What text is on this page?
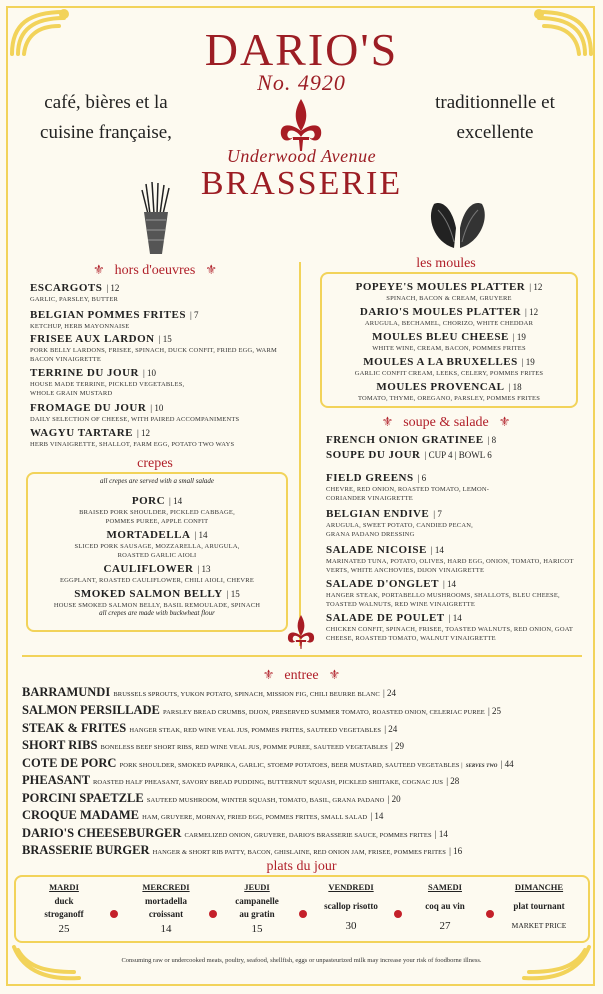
DARIO'S
No. 4920
Underwood Avenue
BRASSERIE
café, bières et la
cuisine française,
traditionnelle et
excellente
⚜ hors d'oeuvres ⚜
ESCARGOTS | 12
GARLIC, PARSLEY, BUTTER
BELGIAN POMMES FRITES | 7
KETCHUP, HERB MAYONNAISE
FRISEE AUX LARDON | 15
PORK BELLY LARDONS, FRISEE, SPINACH, DUCK CONFIT, FRIED EGG, WARM BACON VINAIGRETTE
TERRINE DU JOUR | 10
HOUSE MADE TERRINE, PICKLED VEGETABLES, WHOLE GRAIN MUSTARD
FROMAGE DU JOUR | 10
DAILY SELECTION OF CHEESE, WITH PAIRED ACCOMPANIMENTS
WAGYU TARTARE | 12
HERB VINAIGRETTE, SHALLOT, FARM EGG, POTATO TWO WAYS
crepes
all crepes are served with a small salade
PORC | 14
BRAISED PORK SHOULDER, PICKLED CABBAGE, POMMES PUREE, APPLE CONFIT
MORTADELLA | 14
SLICED PORK SAUSAGE, MOZZARELLA, ARUGULA, ROASTED GARLIC AIOLI
CAULIFLOWER | 13
EGGPLANT, ROASTED CAULIFLOWER, CHILI AIOLI, CHEVRE
SMOKED SALMON BELLY | 15
HOUSE SMOKED SALMON BELLY, BASIL REMOULADE, SPINACH
all crepes are made with buckwheat flour
les moules
POPEYE'S MOULES PLATTER | 12
SPINACH, BACON & CREAM, GRUYERE
DARIO'S MOULES PLATTER | 12
ARUGULA, BECHAMEL, CHORIZO, WHITE CHEDDAR
MOULES BLEU CHEESE | 19
WHITE WINE, CREAM, BACON, POMMES FRITES
MOULES A LA BRUXELLES | 19
GARLIC CONFIT CREAM, LEEKS, CELERY, POMMES FRITES
MOULES PROVENCAL | 18
TOMATO, THYME, OREGANO, PARSLEY, POMMES FRITES
⚜ soupe & salade ⚜
FRENCH ONION GRATINEE | 8
SOUPE DU JOUR | CUP 4 | BOWL 6
FIELD GREENS | 6
CHEVRE, RED ONION, ROASTED TOMATO, LEMON-CORIANDER VINAIGRETTE
BELGIAN ENDIVE | 7
ARUGULA, SWEET POTATO, CANDIED PECAN, GRANA PADANO DRESSING
SALADE NICOISE | 14
MARINATED TUNA, POTATO, OLIVES, HARD EGG, ONION, TOMATO, HARICOT VERTS, WHITE ANCHOVIES, DIJON VINAIGRETTE
SALADE D'ONGLET | 14
HANGER STEAK, PORTABELLO MUSHROOMS, SHALLOTS, BLEU CHEESE, TOASTED WALNUTS, RED WINE VINAIGRETTE
SALADE DE POULET | 14
CHICKEN CONFIT, SPINACH, FRISEE, TOASTED WALNUTS, RED ONION, GOAT CHEESE, ROASTED TOMATO, WALNUT VINAIGRETTE
⚜ entree ⚜
BARRAMUNDI BRUSSELS SPROUTS, YUKON POTATO, SPINACH, MISSION FIG, CHILI BEURRE BLANC | 24
SALMON PERSILLADE PARSLEY BREAD CRUMBS, DIJON, PRESERVED SUMMER TOMATO, ROASTED ONION, CELERIAC PUREE | 25
STEAK & FRITES HANGER STEAK, RED WINE VEAL JUS, POMMES FRITES, SAUTEED VEGETABLES | 24
SHORT RIBS BONELESS BEEF SHORT RIBS, RED WINE VEAL JUS, POMME PUREE, SAUTEED VEGETABLES | 29
COTE DE PORC PORK SHOULDER, SMOKED PAPRIKA, GARLIC, STOEMP POTATOES, BEER MUSTARD, SAUTEED VEGETABLES | serves two | 44
PHEASANT ROASTED HALF PHEASANT, SAVORY BREAD PUDDING, BUTTERNUT SQUASH, PICKLED SHIITAKE, COGNAC JUS | 28
PORCINI SPAETZLE SAUTEED MUSHROOM, WINTER SQUASH, TOMATO, BASIL, GRANA PADANO | 20
CROQUE MADAME HAM, GRUYERE, MORNAY, FRIED EGG, POMMES FRITES, SMALL SALAD | 14
DARIO'S CHEESEBURGER CARMELIZED ONION, GRUYERE, DARIO'S BRASSERIE SAUCE, POMMES FRITES | 14
BRASSERIE BURGER HANGER & SHORT RIB PATTY, BACON, GHISLAINE, RED ONION JAM, FRISEE, POMMES FRITES | 16
plats du jour
MARDI
duck
stroganoff
25
MERCREDI
mortadella
croissant
14
JEUDI
campanelle
au gratin
15
VENDREDI
scallop risotto
30
SAMEDI
coq au vin
27
DIMANCHE
plat tournant
MARKET PRICE
Consuming raw or undercooked meats, poultry, seafood, shellfish, eggs or unpasteurized milk may increase your risk of foodborne illness.
